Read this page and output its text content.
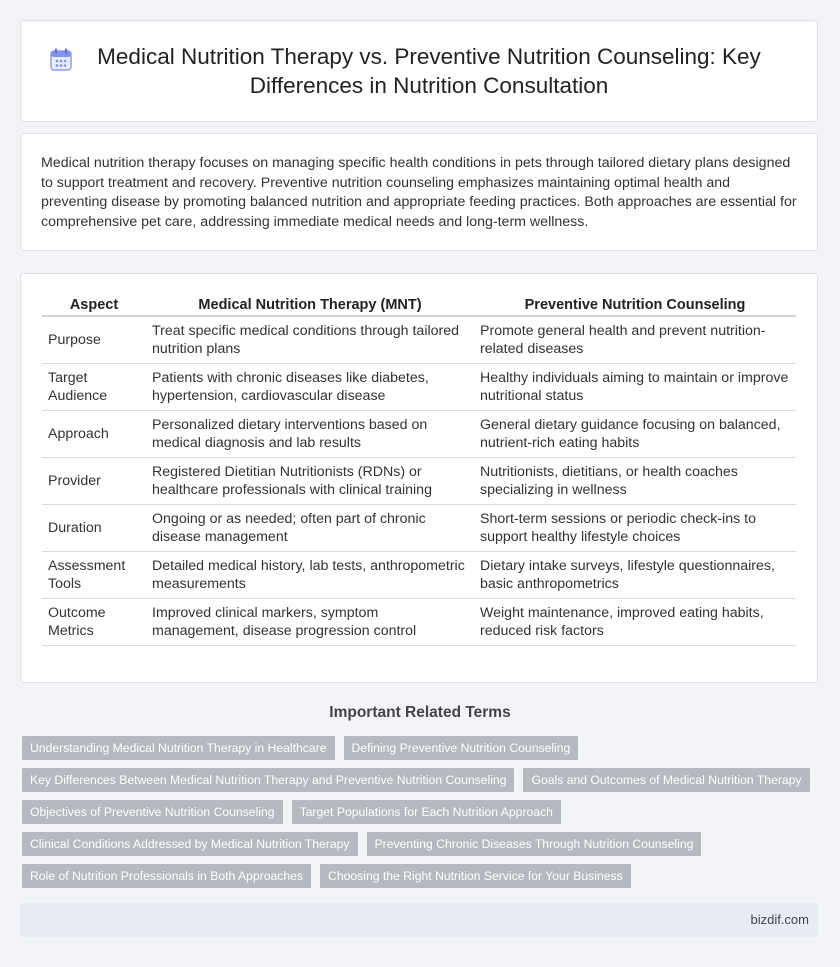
Medical Nutrition Therapy vs. Preventive Nutrition Counseling: Key Differences in Nutrition Consultation

Medical nutrition therapy focuses on managing specific health conditions in pets through tailored dietary plans designed to support treatment and recovery. Preventive nutrition counseling emphasizes maintaining optimal health and preventing disease by promoting balanced nutrition and appropriate feeding practices. Both approaches are essential for comprehensive pet care, addressing immediate medical needs and long-term wellness.

Aspect	Medical Nutrition Therapy (MNT)	Preventive Nutrition Counseling
Purpose	Treat specific medical conditions through tailored nutrition plans	Promote general health and prevent nutrition-related diseases
Target Audience	Patients with chronic diseases like diabetes, hypertension, cardiovascular disease	Healthy individuals aiming to maintain or improve nutritional status
Approach	Personalized dietary interventions based on medical diagnosis and lab results	General dietary guidance focusing on balanced, nutrient-rich eating habits
Provider	Registered Dietitian Nutritionists (RDNs) or healthcare professionals with clinical training	Nutritionists, dietitians, or health coaches specializing in wellness
Duration	Ongoing or as needed; often part of chronic disease management	Short-term sessions or periodic check-ins to support healthy lifestyle choices
Assessment Tools	Detailed medical history, lab tests, anthropometric measurements	Dietary intake surveys, lifestyle questionnaires, basic anthropometrics
Outcome Metrics	Improved clinical markers, symptom management, disease progression control	Weight maintenance, improved eating habits, reduced risk factors
Important Related Terms
Understanding Medical Nutrition Therapy in Healthcare	Defining Preventive Nutrition Counseling
Key Differences Between Medical Nutrition Therapy and Preventive Nutrition Counseling	Goals and Outcomes of Medical Nutrition Therapy
Objectives of Preventive Nutrition Counseling	Target Populations for Each Nutrition Approach
Clinical Conditions Addressed by Medical Nutrition Therapy	Preventing Chronic Diseases Through Nutrition Counseling
Role of Nutrition Professionals in Both Approaches	Choosing the Right Nutrition Service for Your Business
bizdif.com
